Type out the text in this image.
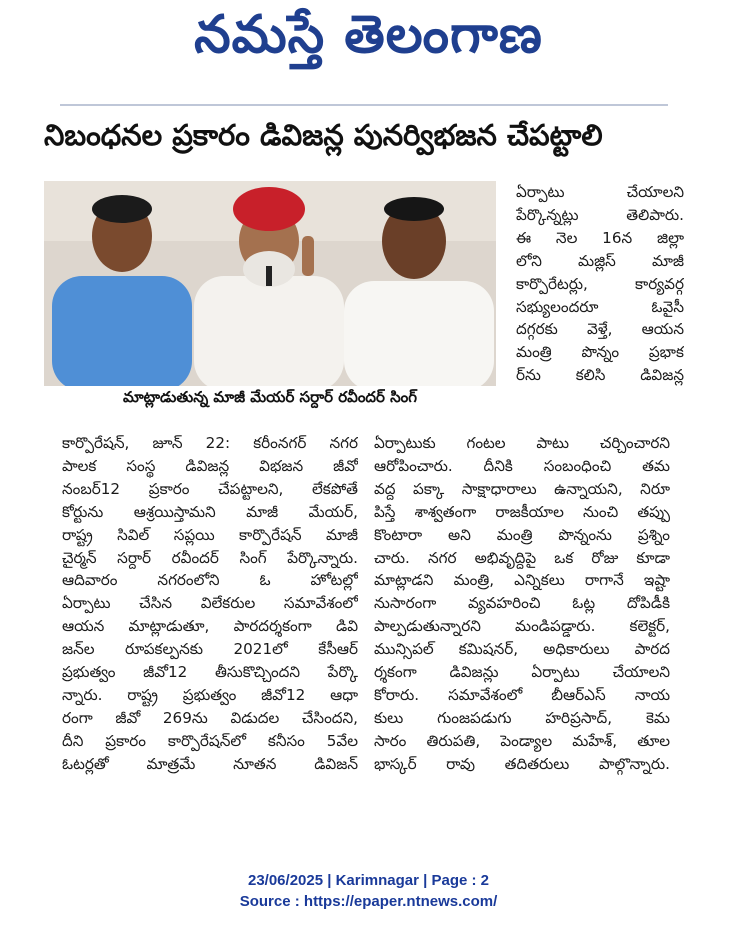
నమస్తే తెలంగాణ
నిబంధనల ప్రకారం డివిజన్ల పునర్విభజన చేపట్టాలి
మాట్లాడుతున్న మాజీ మేయర్ సర్దార్ రవీందర్ సింగ్
ఏర్పాటు చేయాలని
పేర్కొన్నట్లు తెలిపారు.
ఈ నెల 16న జిల్లా
లోని మజ్లిస్ మాజీ
కార్పొరేటర్లు, కార్యవర్గ
సభ్యులందరూ ఓవైసీ
దగ్గరకు వెళ్తే, ఆయన
మంత్రి పొన్నం ప్రభాక
ర్‌ను కలిసి డివిజన్ల
కార్పొరేషన్, జూన్ 22: కరీంనగర్ నగర
పాలక సంస్థ డివిజన్ల విభజన జీవో
నంబర్12 ప్రకారం చేపట్టాలని, లేకపోతే
కోర్టును ఆశ్రయిస్తామని మాజీ మేయర్,
రాష్ట్ర సివిల్ సప్లయి కార్పొరేషన్ మాజీ
చైర్మన్ సర్దార్ రవీందర్ సింగ్ పేర్కొన్నారు.
ఆదివారం నగరంలోని ఓ హోటల్లో
ఏర్పాటు చేసిన విలేకరుల సమావేశంలో
ఆయన మాట్లాడుతూ, పారదర్శకంగా డివి
జన్‌ల రూపకల్పనకు 2021లో కేసీఆర్
ప్రభుత్వం జీవో12 తీసుకొచ్చిందని పేర్కొ
న్నారు. రాష్ట్ర ప్రభుత్వం జీవో12 ఆధా
రంగా జీవో 269ను విడుదల చేసిందని,
దీని ప్రకారం కార్పొరేషన్‌లో కనీసం 5వేల
ఓటర్లతో మాత్రమే నూతన డివిజన్
ఏర్పాటుకు గంటల పాటు చర్చించారని
ఆరోపించారు. దీనికి సంబంధించి తమ
వద్ద పక్కా సాక్షాధారాలు ఉన్నాయని, నిరూ
పిస్తే శాశ్వతంగా రాజకీయాల నుంచి తప్పు
కొంటారా అని మంత్రి పొన్నంను ప్రశ్నిం
చారు. నగర అభివృద్ధిపై ఒక రోజు కూడా
మాట్లాడని మంత్రి, ఎన్నికలు రాగానే ఇష్టా
నుసారంగా వ్యవహరించి ఓట్ల దోపిడీకి
పాల్పడుతున్నారని మండిపడ్డారు. కలెక్టర్,
మున్సిపల్ కమిషనర్, అధికారులు పారద
ర్శకంగా డివిజన్లు ఏర్పాటు చేయాలని
కోరారు. సమావేశంలో బీఆర్ఎస్ నాయ
కులు గుంజపడుగు హరిప్రసాద్, కెమ
సారం తిరుపతి, పెండ్యాల మహేశ్, తూల
భాస్కర్ రావు తదితరులు పాల్గొన్నారు.
23/06/2025 | Karimnagar | Page : 2
Source : https://epaper.ntnews.com/
